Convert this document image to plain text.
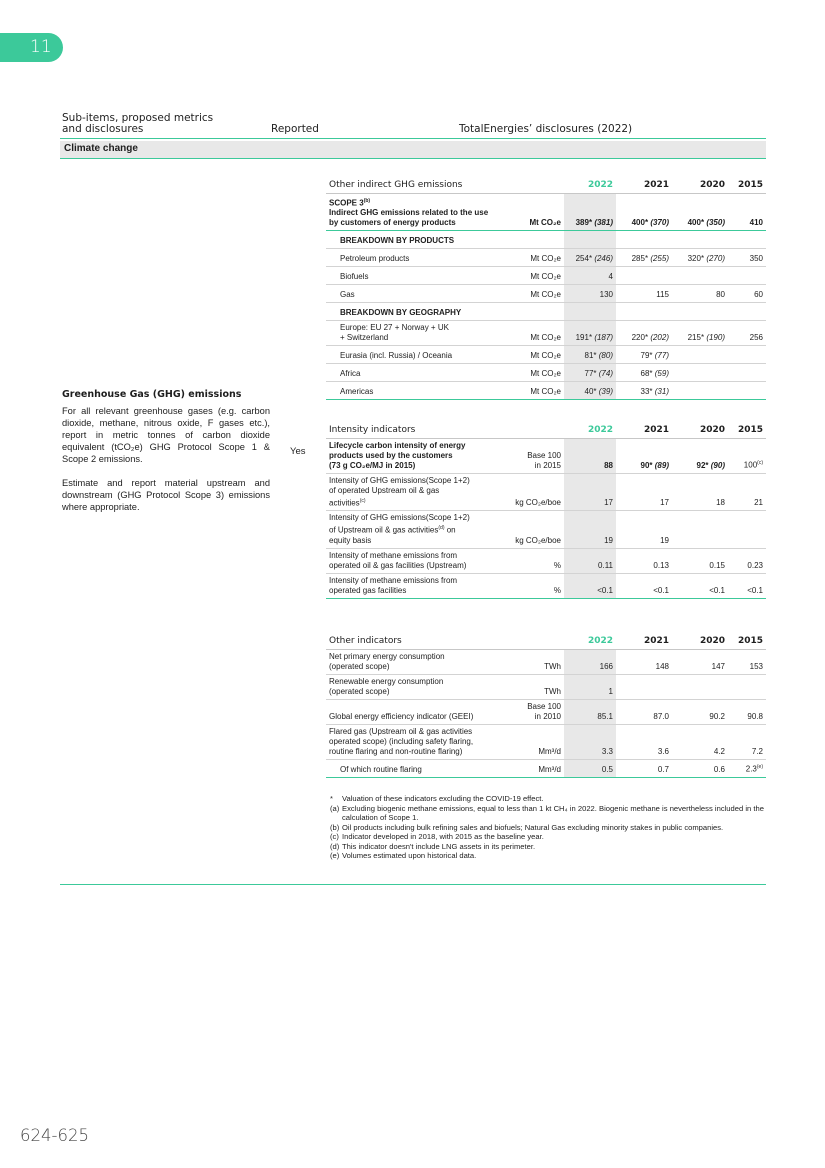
11
Sub-items, proposed metrics
and disclosures	Reported	TotalEnergies’ disclosures (2022)
Climate change
Greenhouse Gas (GHG) emissions
For all relevant greenhouse gases (e.g. carbon dioxide, methane, nitrous oxide, F gases etc.), report in metric tonnes of carbon dioxide equivalent (tCO₂e) GHG Protocol Scope 1 & Scope 2 emissions.
Estimate and report material upstream and downstream (GHG Protocol Scope 3) emissions where appropriate.
Yes
Other indirect GHG emissions		2022	2021	2020	2015
SCOPE 3$^{(b)}$
Indirect GHG emissions related to the use
by customers of energy products	Mt CO₂e	389* (381)	400* (370)	400* (350)	410
BREAKDOWN BY PRODUCTS					
Petroleum products	Mt CO₂e	254* (246)	285* (255)	320* (270)	350
Biofuels	Mt CO₂e	4			
Gas	Mt CO₂e	130	115	80	60
BREAKDOWN BY GEOGRAPHY					
Europe: EU 27 + Norway + UK
+ Switzerland	Mt CO₂e	191* (187)	220* (202)	215* (190)	256
Eurasia (incl. Russia) / Oceania	Mt CO₂e	81* (80)	79* (77)		
Africa	Mt CO₂e	77* (74)	68* (59)		
Americas	Mt CO₂e	40* (39)	33* (31)		
Intensity indicators		2022	2021	2020	2015
Lifecycle carbon intensity of energy
products used by the customers
(73 g CO₂e/MJ in 2015)	Base 100
in 2015	88	90* (89)	92* (90)	100$^{(c)}$
Intensity of GHG emissions(Scope 1+2)
of operated Upstream oil & gas
activities$^{(c)}$	kg CO₂e/boe	17	17	18	21
Intensity of GHG emissions(Scope 1+2)
of Upstream oil & gas activities$^{(d)}$ on
equity basis	kg CO₂e/boe	19	19		
Intensity of methane emissions from
operated oil & gas facilities (Upstream)	%	0.11	0.13	0.15	0.23
Intensity of methane emissions from
operated gas facilities	%	<0.1	<0.1	<0.1	<0.1
Other indicators		2022	2021	2020	2015
Net primary energy consumption
(operated scope)	TWh	166	148	147	153
Renewable energy consumption
(operated scope)	TWh	1			
Global energy efficiency indicator (GEEI)	Base 100
in 2010	85.1	87.0	90.2	90.8
Flared gas (Upstream oil & gas activities
operated scope) (including safety flaring,
routine flaring and non-routine flaring)	Mm³/d	3.3	3.6	4.2	7.2
Of which routine flaring	Mm³/d	0.5	0.7	0.6	2.3$^{(e)}$
*	Valuation of these indicators excluding the COVID-19 effect.
(a) Excluding biogenic methane emissions, equal to less than 1 kt CH₄ in 2022. Biogenic methane is nevertheless included in the calculation of Scope 1.
(b) Oil products including bulk refining sales and biofuels; Natural Gas excluding minority stakes in public companies.
(c) Indicator developed in 2018, with 2015 as the baseline year.
(d) This indicator doesn't include LNG assets in its perimeter.
(e) Volumes estimated upon historical data.
624-625
